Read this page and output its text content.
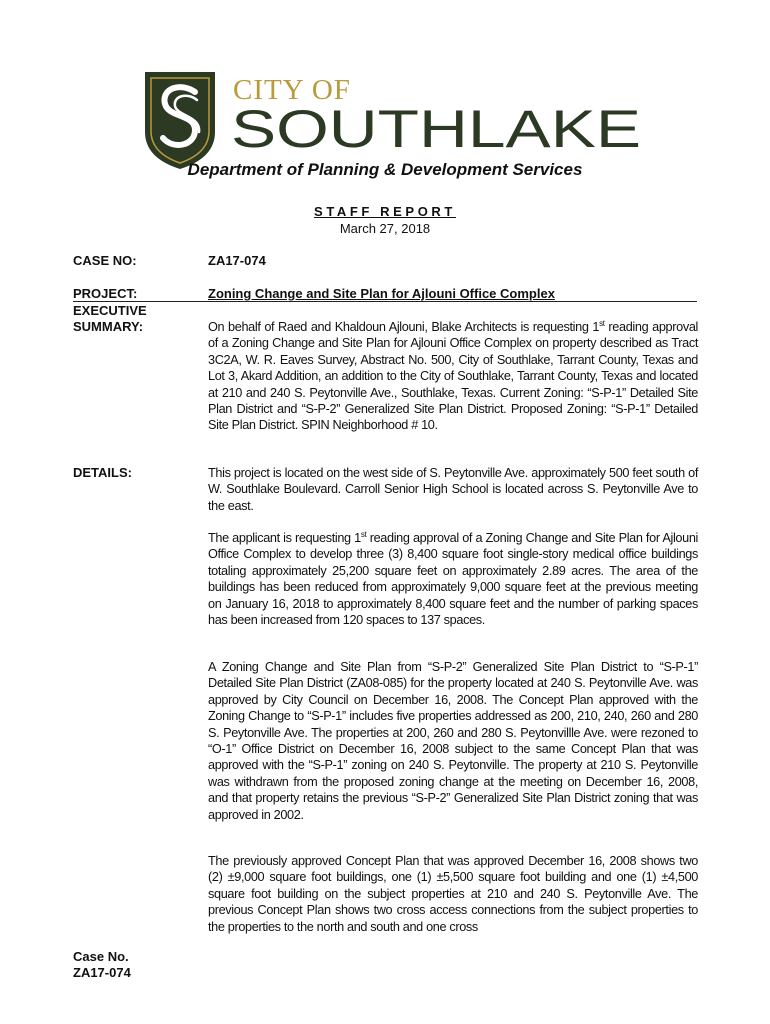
CITY OF
SOUTHLAKE
Department of Planning & Development Services
STAFF REPORT
March 27, 2018
CASE NO:	ZA17-074
PROJECT:	Zoning Change and Site Plan for Ajlouni Office Complex
EXECUTIVE
SUMMARY:	On behalf of Raed and Khaldoun Ajlouni, Blake Architects is requesting 1st reading approval of a Zoning Change and Site Plan for Ajlouni Office Complex on property described as Tract 3C2A, W. R. Eaves Survey, Abstract No. 500, City of Southlake, Tarrant County, Texas and Lot 3, Akard Addition, an addition to the City of Southlake, Tarrant County, Texas and located at 210 and 240 S. Peytonville Ave., Southlake, Texas. Current Zoning: “S-P-1” Detailed Site Plan District and “S-P-2” Generalized Site Plan District. Proposed Zoning: “S-P-1” Detailed Site Plan District. SPIN Neighborhood # 10.

DETAILS:	This project is located on the west side of S. Peytonville Ave. approximately 500 feet south of W. Southlake Boulevard. Carroll Senior High School is located across S. Peytonville Ave to the east.

The applicant is requesting 1st reading approval of a Zoning Change and Site Plan for Ajlouni Office Complex to develop three (3) 8,400 square foot single-story medical office buildings totaling approximately 25,200 square feet on approximately 2.89 acres. The area of the buildings has been reduced from approximately 9,000 square feet at the previous meeting on January 16, 2018 to approximately 8,400 square feet and the number of parking spaces has been increased from 120 spaces to 137 spaces.

A Zoning Change and Site Plan from “S-P-2” Generalized Site Plan District to “S-P-1” Detailed Site Plan District (ZA08-085) for the property located at 240 S. Peytonville Ave. was approved by City Council on December 16, 2008. The Concept Plan approved with the Zoning Change to “S-P-1” includes five properties addressed as 200, 210, 240, 260 and 280 S. Peytonville Ave. The properties at 200, 260 and 280 S. Peytonvillle Ave. were rezoned to “O-1” Office District on December 16, 2008 subject to the same Concept Plan that was approved with the “S-P-1” zoning on 240 S. Peytonville. The property at 210 S. Peytonville was withdrawn from the proposed zoning change at the meeting on December 16, 2008, and that property retains the previous “S-P-2” Generalized Site Plan District zoning that was approved in 2002.

The previously approved Concept Plan that was approved December 16, 2008 shows two (2) ±9,000 square foot buildings, one (1) ±5,500 square foot building and one (1) ±4,500 square foot building on the subject properties at 210 and 240 S. Peytonville Ave. The previous Concept Plan shows two cross access connections from the subject properties to the properties to the north and south and one cross

Case No.
ZA17-074
